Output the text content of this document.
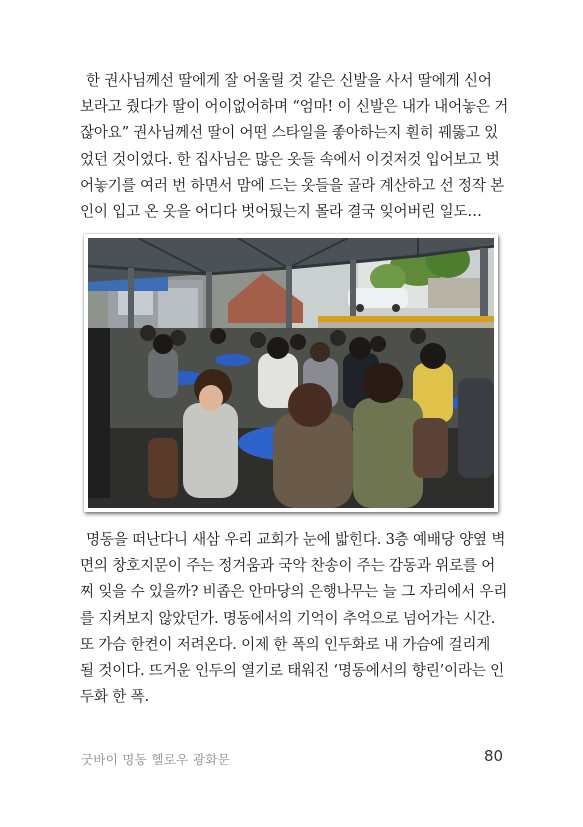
한 권사님께선 딸에게 잘 어울릴 것 같은 신발을 사서 딸에게 신어
보라고 줬다가 딸이 어이없어하며 “엄마! 이 신발은 내가 내어놓은 거
잖아요” 권사님께선 딸이 어떤 스타일을 좋아하는지 훤히 꿰뚫고 있
었던 것이었다. 한 집사님은 많은 옷들 속에서 이것저것 입어보고 벗
어놓기를 여러 번 하면서 맘에 드는 옷들을 골라 계산하고 선 정작 본
인이 입고 온 옷을 어디다 벗어뒀는지 몰라 결국 잊어버린 일도…
명동을 떠난다니 새삼 우리 교회가 눈에 밟힌다. 3층 예배당 양옆 벽
면의 창호지문이 주는 정겨움과 국악 찬송이 주는 감동과 위로를 어
찌 잊을 수 있을까? 비좁은 안마당의 은행나무는 늘 그 자리에서 우리
를 지켜보지 않았던가. 명동에서의 기억이 추억으로 넘어가는 시간.
또 가슴 한켠이 저려온다. 이제 한 폭의 인두화로 내 가슴에 걸리게
될 것이다. 뜨거운 인두의 열기로 태워진 ‘명동에서의 향린’이라는 인
두화 한 폭.
굿바이 명동 헬로우 광화문	80
